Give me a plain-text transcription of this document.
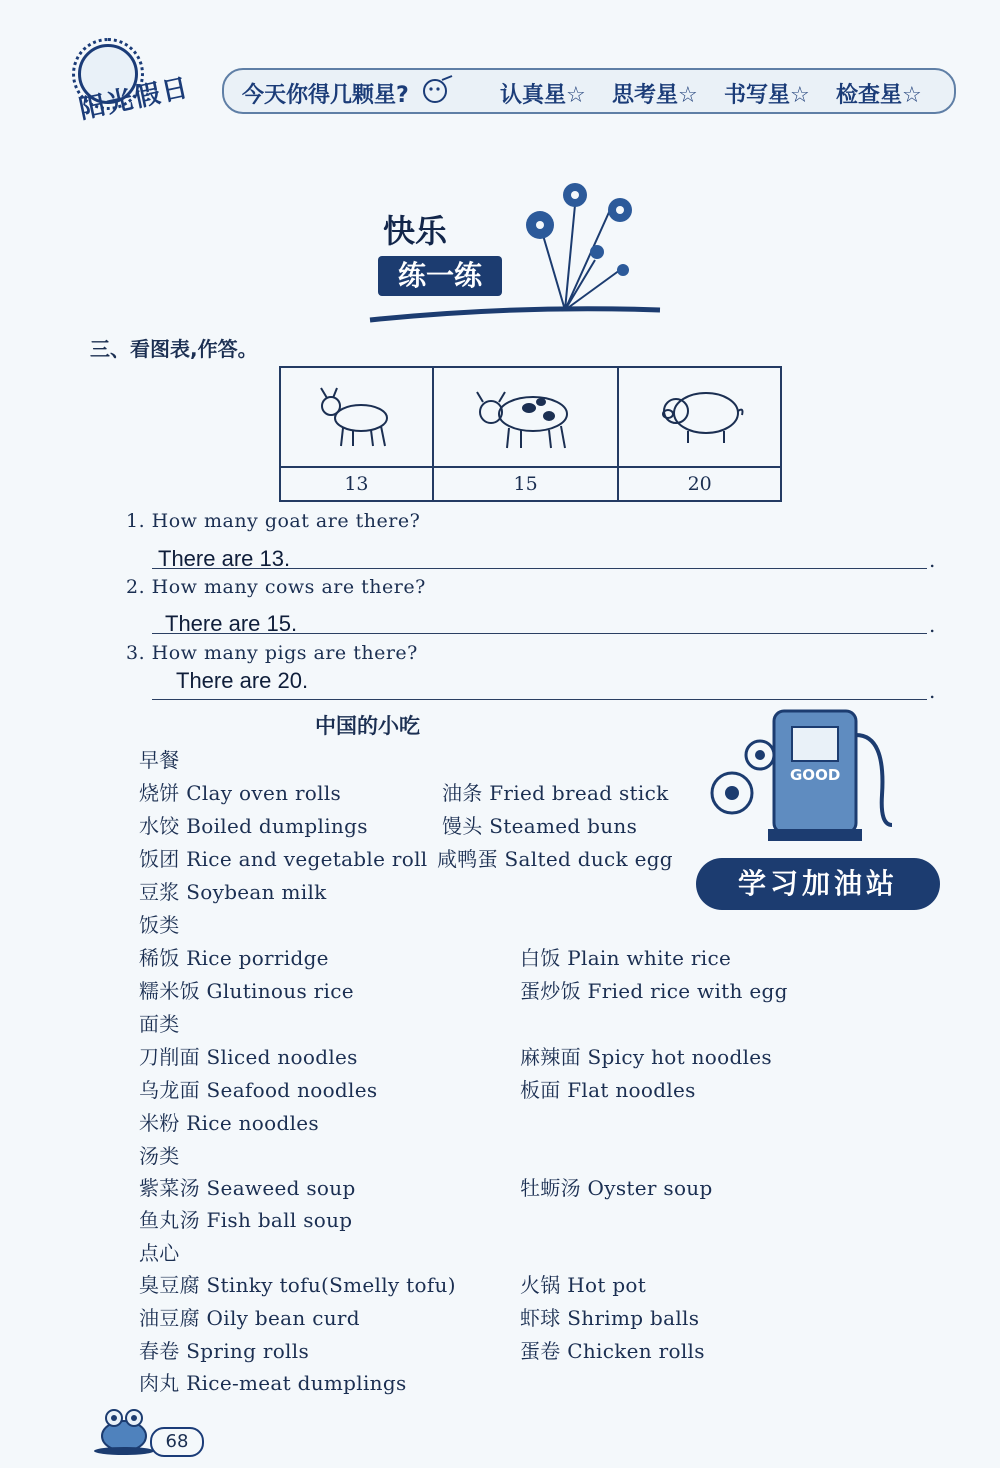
阳光假日 今天你得几颗星?	认真星☆ 思考星☆ 书写星☆ 检查星☆
快乐
练一练
三、看图表,作答。

13	15	20
1. How many goat are there?
There are 13.	.
2. How many cows are there?
There are 15.	.
3. How many pigs are there?
There are 20.	.
中国的小吃
GOOD
学习加油站
早餐
烧饼 Clay oven rolls	油条 Fried bread stick
水饺 Boiled dumplings	馒头 Steamed buns
饭团 Rice and vegetable roll 咸鸭蛋 Salted duck egg
豆浆 Soybean milk
饭类
稀饭 Rice porridge	白饭 Plain white rice
糯米饭 Glutinous rice	蛋炒饭 Fried rice with egg
面类
刀削面 Sliced noodles	麻辣面 Spicy hot noodles
乌龙面 Seafood noodles	板面 Flat noodles
米粉 Rice noodles
汤类
紫菜汤 Seaweed soup	牡蛎汤 Oyster soup
鱼丸汤 Fish ball soup
点心
臭豆腐 Stinky tofu(Smelly tofu)	火锅 Hot pot
油豆腐 Oily bean curd	虾球 Shrimp balls
春卷 Spring rolls	蛋卷 Chicken rolls
肉丸 Rice-meat dumplings
68
